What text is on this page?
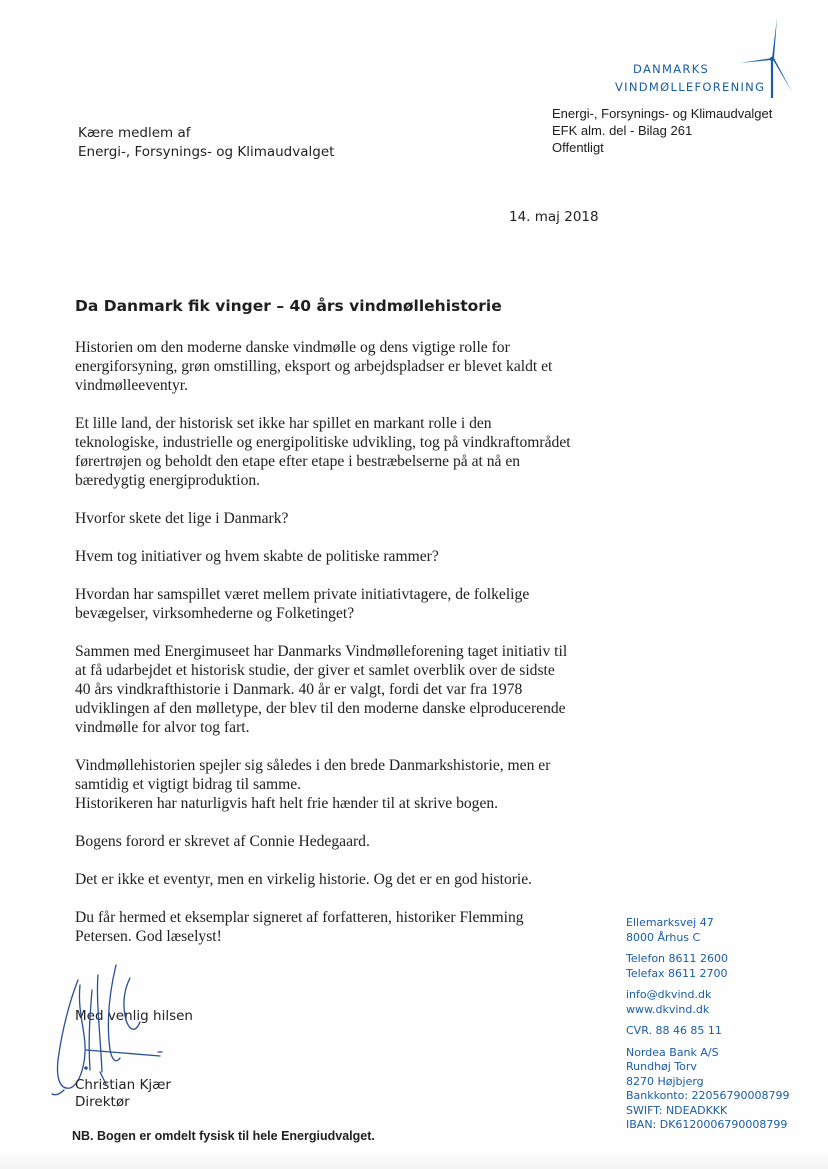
DANMARKS
VINDMØLLEFORENING
Energi-, Forsynings- og Klimaudvalget
EFK alm. del - Bilag 261
Offentligt
Kære medlem af
Energi-, Forsynings- og Klimaudvalget
14. maj 2018
Da Danmark fik vinger – 40 års vindmøllehistorie

Historien om den moderne danske vindmølle og dens vigtige rolle for
energiforsyning, grøn omstilling, eksport og arbejdspladser er blevet kaldt et
vindmølleeventyr.

Et lille land, der historisk set ikke har spillet en markant rolle i den
teknologiske, industrielle og energipolitiske udvikling, tog på vindkraftområdet
førertrøjen og beholdt den etape efter etape i bestræbelserne på at nå en
bæredygtig energiproduktion.

Hvorfor skete det lige i Danmark?

Hvem tog initiativer og hvem skabte de politiske rammer?

Hvordan har samspillet været mellem private initiativtagere, de folkelige
bevægelser, virksomhederne og Folketinget?

Sammen med Energimuseet har Danmarks Vindmølleforening taget initiativ til
at få udarbejdet et historisk studie, der giver et samlet overblik over de sidste
40 års vindkrafthistorie i Danmark. 40 år er valgt, fordi det var fra 1978
udviklingen af den mølletype, der blev til den moderne danske elproducerende
vindmølle for alvor tog fart.

Vindmøllehistorien spejler sig således i den brede Danmarkshistorie, men er
samtidig et vigtigt bidrag til samme.
Historikeren har naturligvis haft helt frie hænder til at skrive bogen.

Bogens forord er skrevet af Connie Hedegaard.

Det er ikke et eventyr, men en virkelig historie. Og det er en god historie.

Du får hermed et eksemplar signeret af forfatteren, historiker Flemming
Petersen. God læselyst!

Ellemarksvej 47
8000 Århus C
Telefon 8611 2600
Telefax 8611 2700
info@dkvind.dk
www.dkvind.dk
CVR. 88 46 85 11
Nordea Bank A/S
Rundhøj Torv
8270 Højbjerg
Bankkonto: 22056790008799
SWIFT: NDEADKKK
IBAN: DK6120006790008799
Med venlig hilsen
Christian Kjær
Direktør
NB. Bogen er omdelt fysisk til hele Energiudvalget.
